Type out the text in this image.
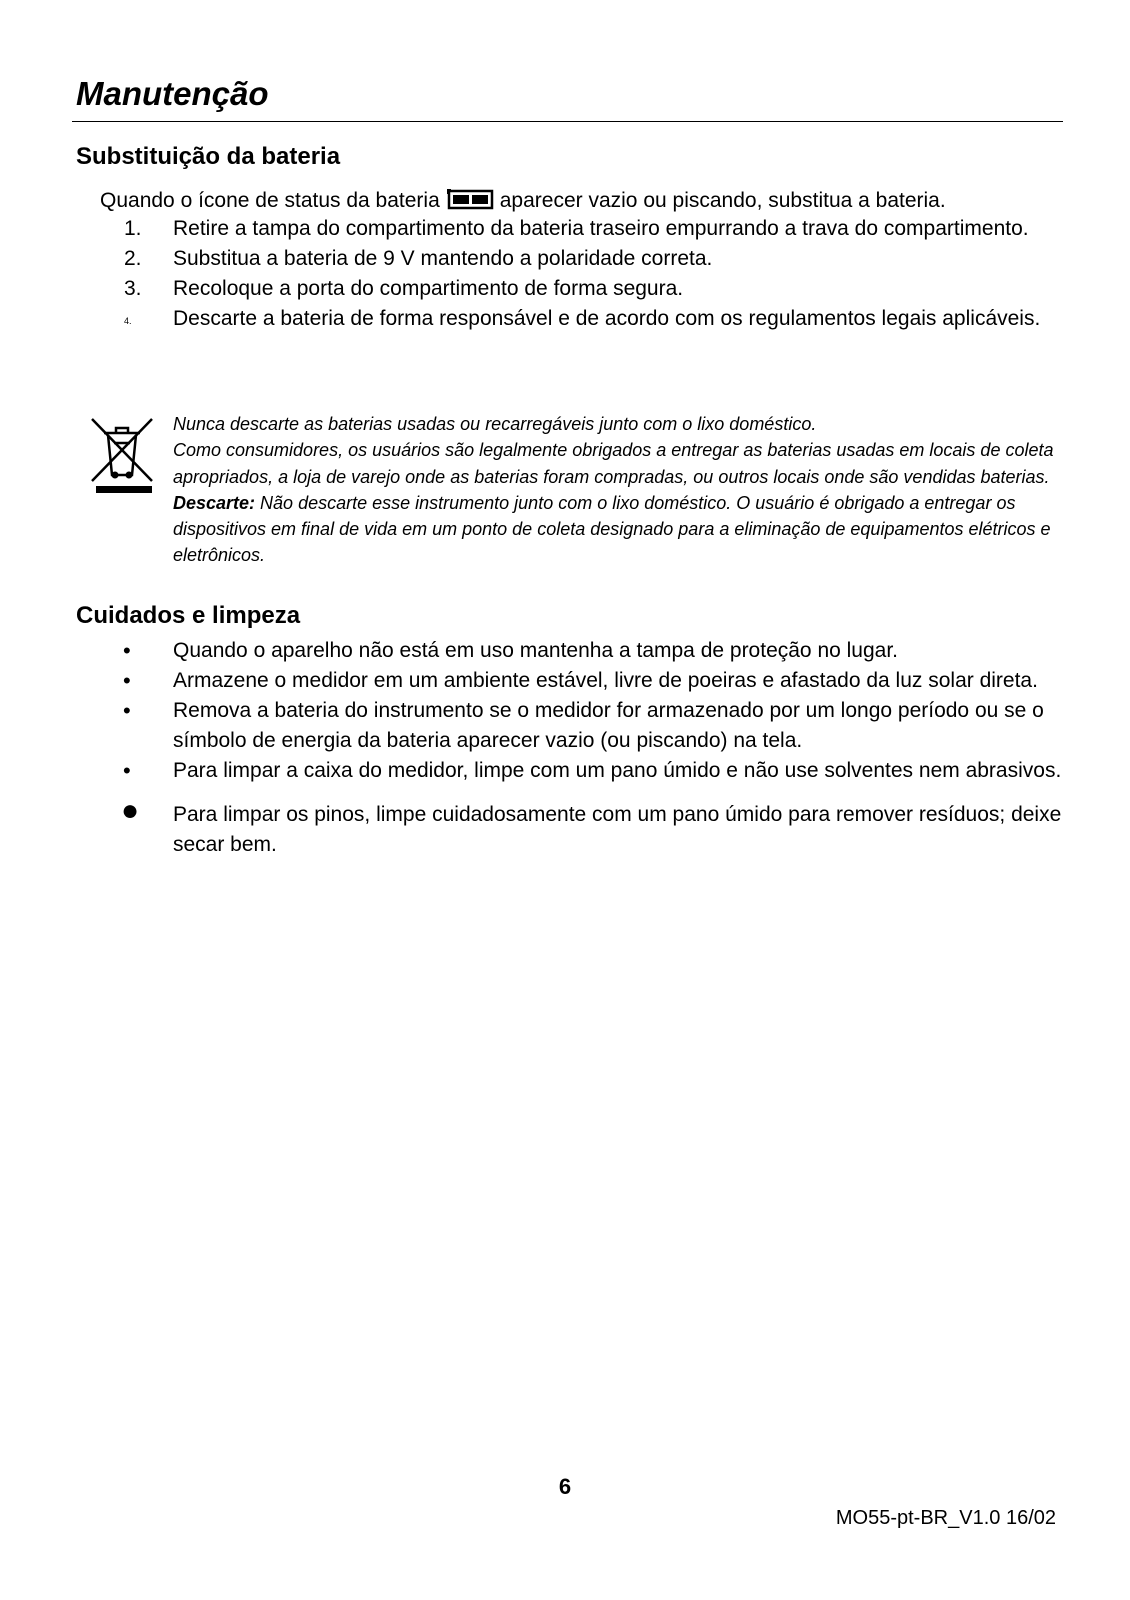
Manutenção
Substituição da bateria
Quando o ícone de status da bateria	aparecer vazio ou piscando, substitua a bateria.
1. Retire a tampa do compartimento da bateria traseiro empurrando a trava do compartimento.
2. Substitua a bateria de 9 V mantendo a polaridade correta.
3. Recoloque a porta do compartimento de forma segura.
4. Descarte a bateria de forma responsável e de acordo com os regulamentos legais aplicáveis.

Nunca descarte as baterias usadas ou recarregáveis junto com o lixo doméstico.

Como consumidores, os usuários são legalmente obrigados a entregar as baterias usadas em locais de coleta apropriados, a loja de varejo onde as baterias foram compradas, ou outros locais onde são vendidas baterias.

Descarte: Não descarte esse instrumento junto com o lixo doméstico. O usuário é obrigado a entregar os dispositivos em final de vida em um ponto de coleta designado para a eliminação de equipamentos elétricos e eletrônicos.

Cuidados e limpeza
• Quando o aparelho não está em uso mantenha a tampa de proteção no lugar.
• Armazene o medidor em um ambiente estável, livre de poeiras e afastado da luz solar direta.
• Remova a bateria do instrumento se o medidor for armazenado por um longo período ou se o símbolo de energia da bateria aparecer vazio (ou piscando) na tela.
• Para limpar a caixa do medidor, limpe com um pano úmido e não use solventes nem abrasivos.
● Para limpar os pinos, limpe cuidadosamente com um pano úmido para remover resíduos; deixe secar bem.
6
MO55-pt-BR_V1.0 16/02
